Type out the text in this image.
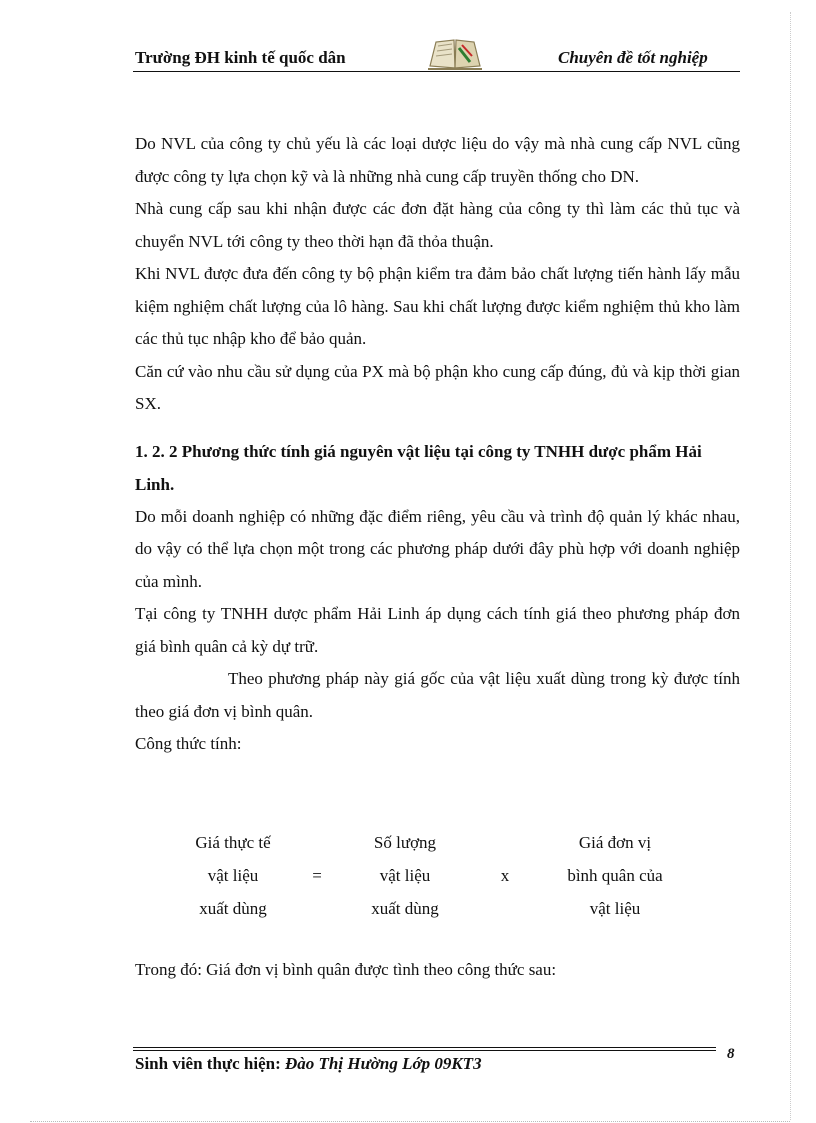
Trường ĐH kinh tế quốc dân	Chuyên đề tốt nghiệp

Do NVL của công ty chủ yếu là các loại dược liệu do vậy mà nhà cung cấp NVL cũng được công ty lựa chọn kỹ và là những nhà cung cấp truyền thống cho DN.

Nhà cung cấp sau khi nhận được các đơn đặt hàng của công ty thì làm các thủ tục và chuyển NVL tới công ty theo thời hạn đã thỏa thuận.

Khi NVL được đưa đến công ty bộ phận kiểm tra đảm bảo chất lượng tiến hành lấy mẫu kiệm nghiệm chất lượng của lô hàng. Sau khi chất lượng được kiểm nghiệm thủ kho làm các thủ tục nhập kho để bảo quản.

Căn cứ vào nhu cầu sử dụng của PX mà bộ phận kho cung cấp đúng, đủ và kịp thời gian SX.

1. 2. 2 Phương thức tính giá nguyên vật liệu tại công ty TNHH dược phẩm Hải Linh.

Do mỗi doanh nghiệp có những đặc điểm riêng, yêu cầu và trình độ quản lý khác nhau, do vậy có thể lựa chọn một trong các phương pháp dưới đây phù hợp với doanh nghiệp của mình.

Tại công ty TNHH dược phẩm Hải Linh áp dụng cách tính giá theo phương pháp đơn giá bình quân cả kỳ dự trữ.

Theo phương pháp này giá gốc của vật liệu xuất dùng trong kỳ được tính theo giá đơn vị bình quân.

Công thức tính:

Giá thực tế
vật liệu
xuất dùng
=
Số lượng
vật liệu
xuất dùng
x
Giá đơn vị
bình quân của
vật liệu
Trong đó: Giá đơn vị bình quân được tình theo công thức sau:
Sinh viên thực hiện: Đào Thị Hường Lớp 09KT3	8
